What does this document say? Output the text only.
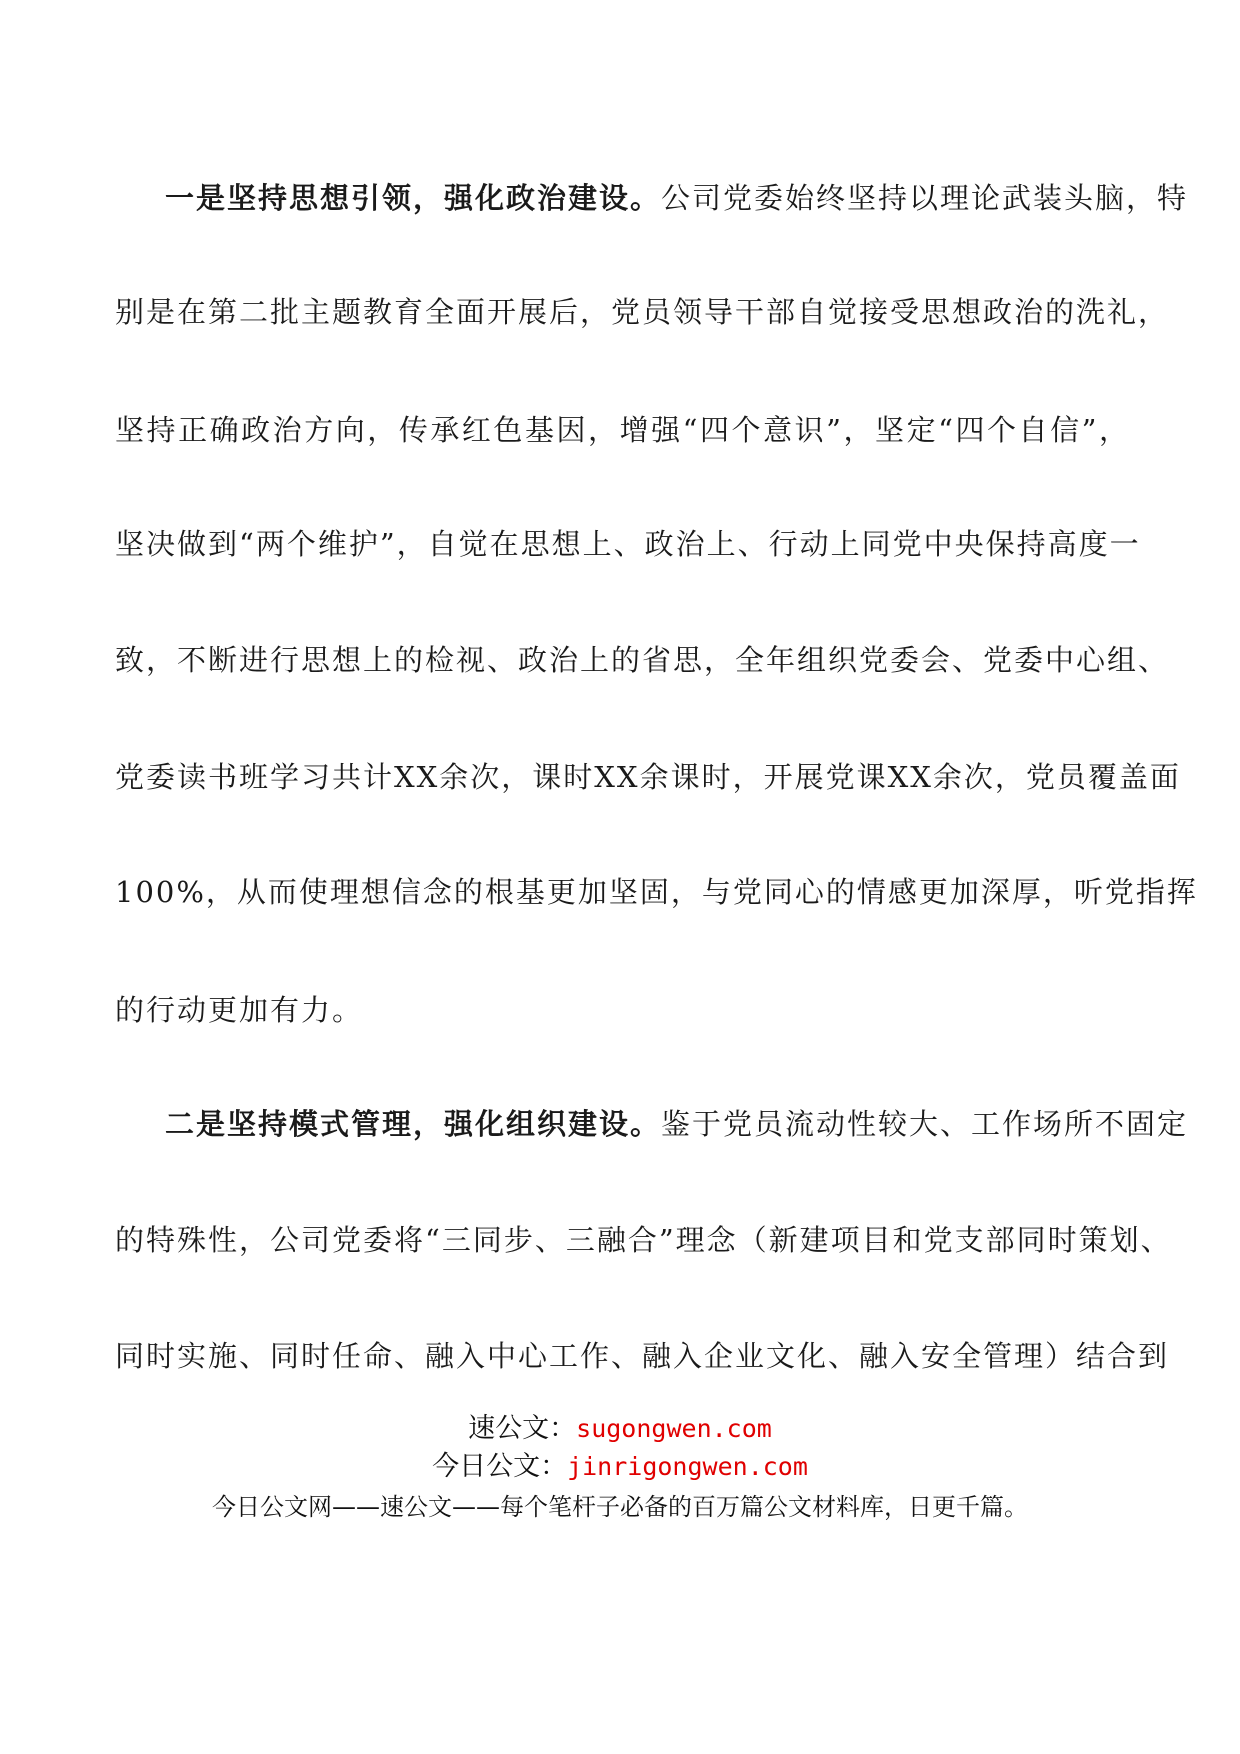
一是坚持思想引领，强化政治建设。公司党委始终坚持以理论武装头脑，特
别是在第二批主题教育全面开展后，党员领导干部自觉接受思想政治的洗礼，
坚持正确政治方向，传承红色基因，增强“四个意识”，坚定“四个自信”，
坚决做到“两个维护”，自觉在思想上、政治上、行动上同党中央保持高度一
致，不断进行思想上的检视、政治上的省思，全年组织党委会、党委中心组、
党委读书班学习共计XX余次，课时XX余课时，开展党课XX余次，党员覆盖面
100%，从而使理想信念的根基更加坚固，与党同心的情感更加深厚，听党指挥
的行动更加有力。
二是坚持模式管理，强化组织建设。鉴于党员流动性较大、工作场所不固定
的特殊性，公司党委将“三同步、三融合”理念（新建项目和党支部同时策划、
同时实施、同时任命、融入中心工作、融入企业文化、融入安全管理）结合到
速公文：sugongwen.com
今日公文：jinrigongwen.com
今日公文网——速公文——每个笔杆子必备的百万篇公文材料库，日更千篇。
